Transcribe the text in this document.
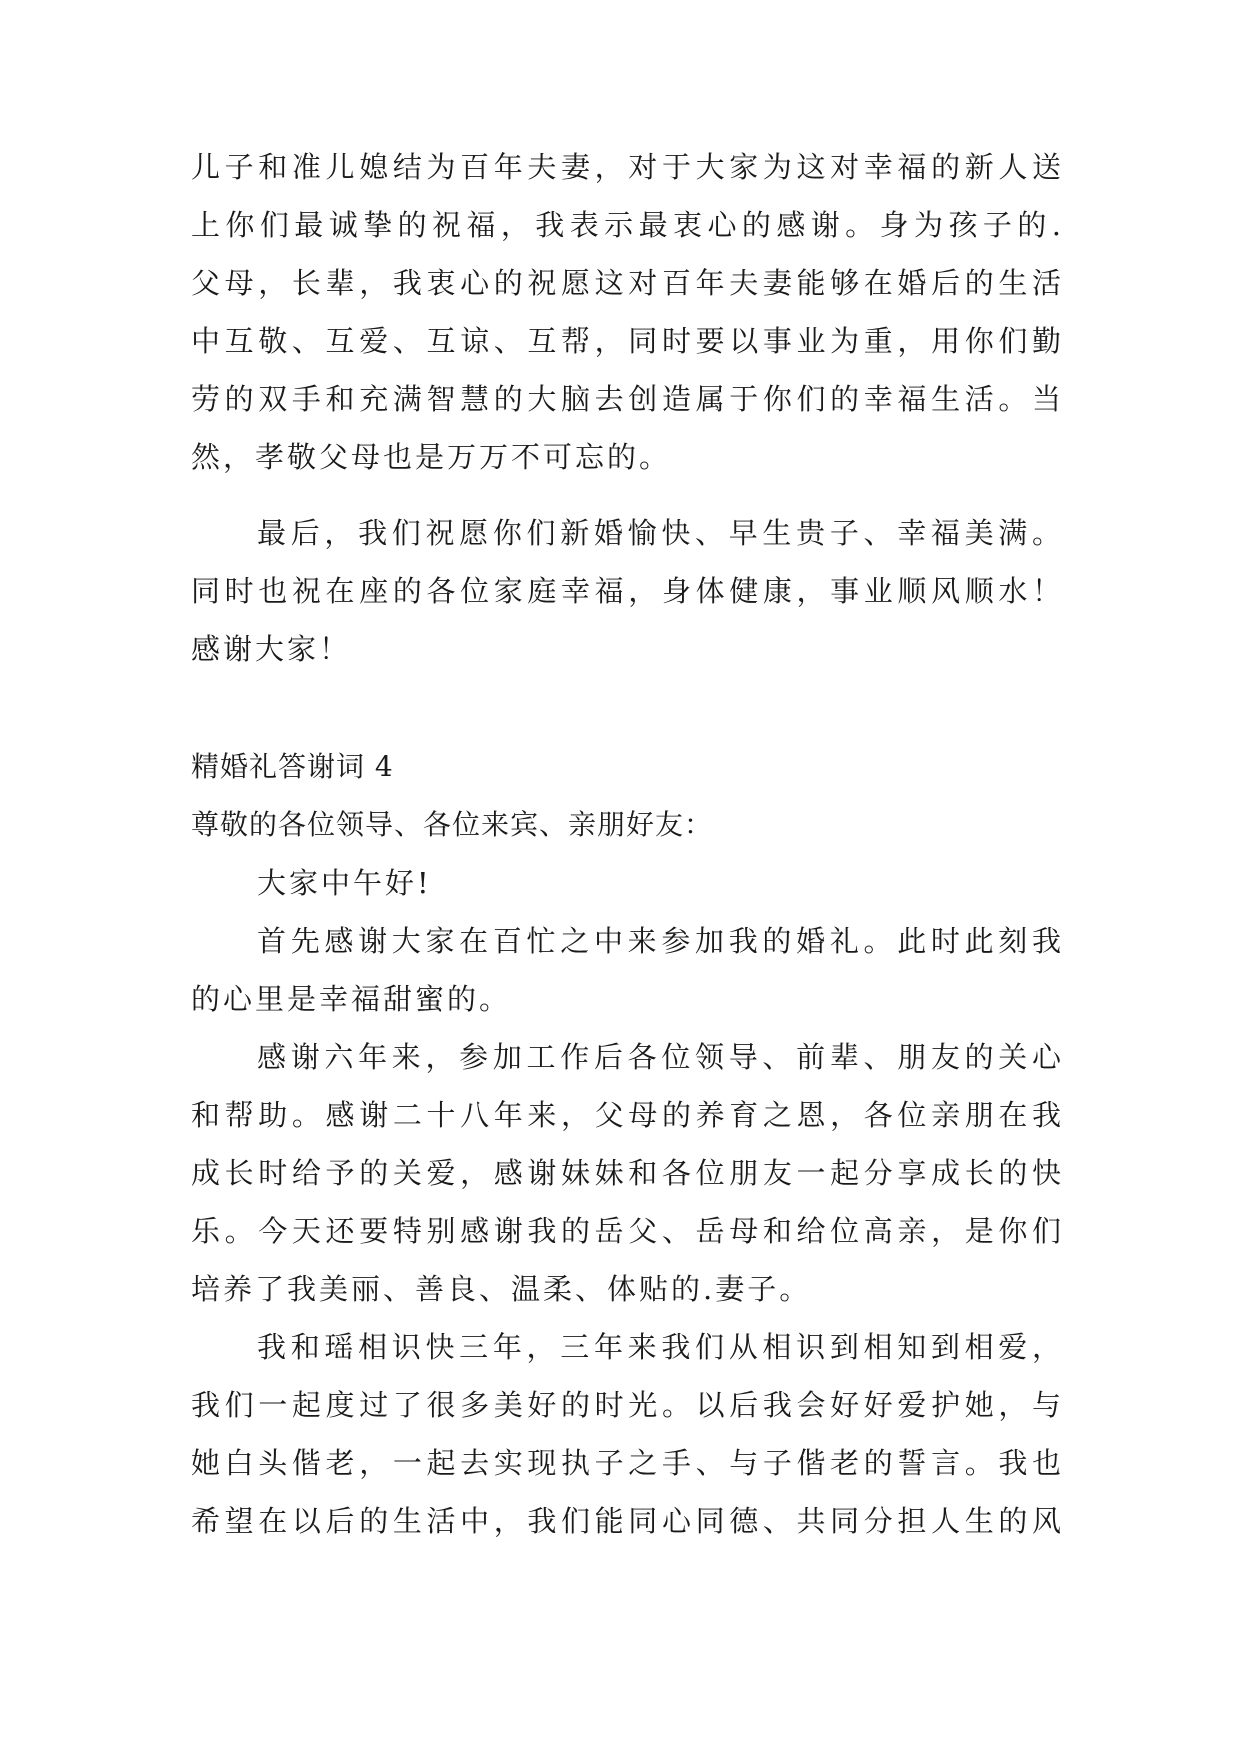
儿子和准儿媳结为百年夫妻，对于大家为这对幸福的新人送
上你们最诚挚的祝福，我表示最衷心的感谢。身为孩子的.
父母，长辈，我衷心的祝愿这对百年夫妻能够在婚后的生活
中互敬、互爱、互谅、互帮，同时要以事业为重，用你们勤
劳的双手和充满智慧的大脑去创造属于你们的幸福生活。当
然，孝敬父母也是万万不可忘的。
最后，我们祝愿你们新婚愉快、早生贵子、幸福美满。
同时也祝在座的各位家庭幸福，身体健康，事业顺风顺水！
感谢大家！
精婚礼答谢词 4
尊敬的各位领导、各位来宾、亲朋好友：
大家中午好!
首先感谢大家在百忙之中来参加我的婚礼。此时此刻我
的心里是幸福甜蜜的。
感谢六年来，参加工作后各位领导、前辈、朋友的关心
和帮助。感谢二十八年来，父母的养育之恩，各位亲朋在我
成长时给予的关爱，感谢妹妹和各位朋友一起分享成长的快
乐。今天还要特别感谢我的岳父、岳母和给位高亲，是你们
培养了我美丽、善良、温柔、体贴的.妻子。
我和瑶相识快三年，三年来我们从相识到相知到相爱，
我们一起度过了很多美好的时光。以后我会好好爱护她，与
她白头偕老，一起去实现执子之手、与子偕老的誓言。我也
希望在以后的生活中，我们能同心同德、共同分担人生的风
